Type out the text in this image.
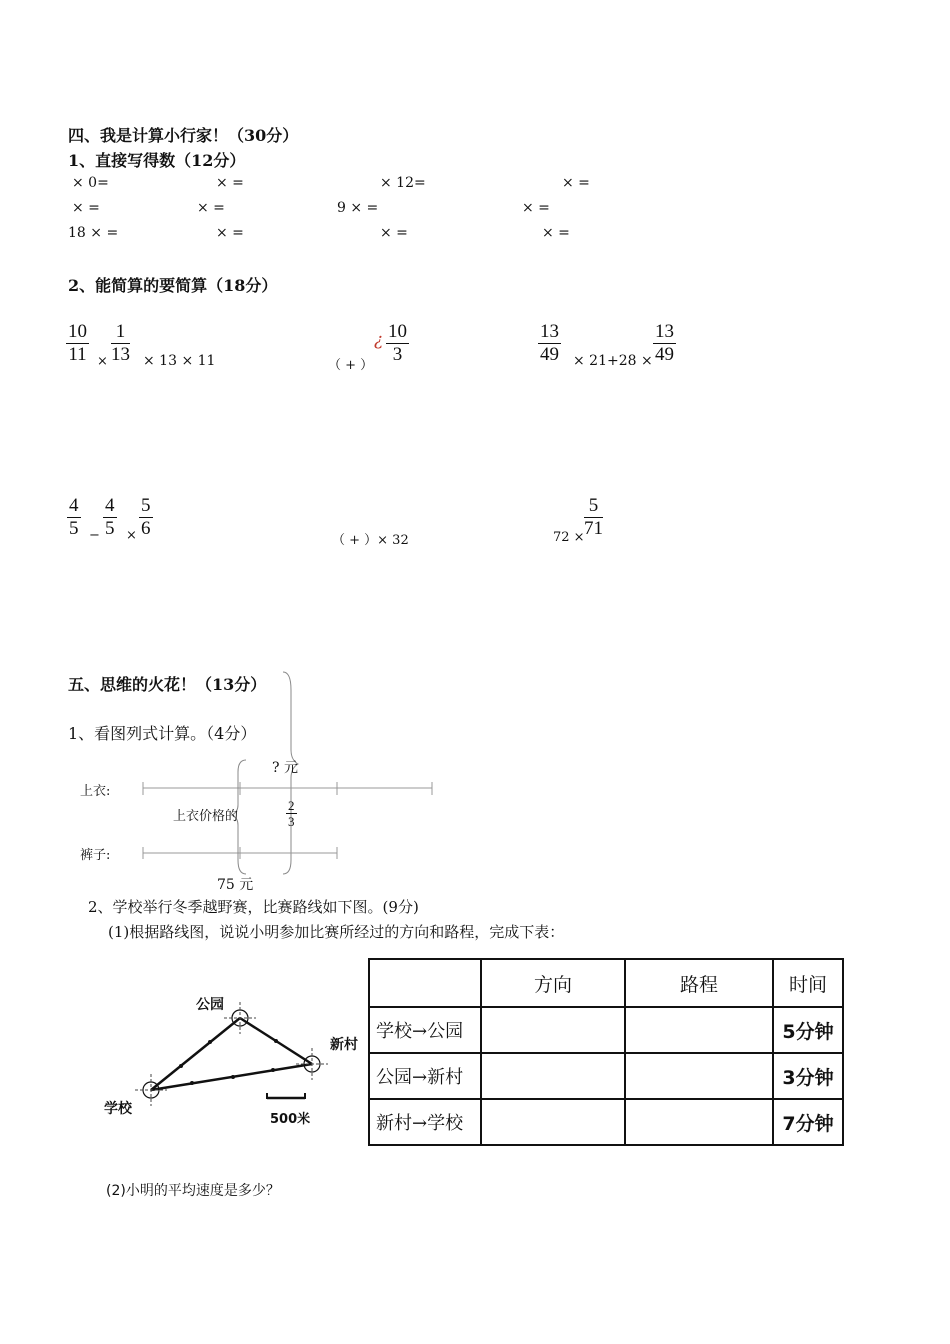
四、我是计算小行家！（30分）
1、直接写得数（12分）
× 0=	× =	× 12=	× =
× =	× =	9 × =	× =
18 × =	× =	× =	× =
2、能简算的要简算（18分）
$\frac{10}{11} \times \frac{1}{13} \times 13 \times 11$	（ + ）
¿ $\frac{10}{3}$	$\frac{13}{49} \times 21+28 \times \frac{13}{49}$
$\frac{4}{5} - \frac{4}{5} \times \frac{5}{6}$
（ + ）× 32	$72 \times \frac{5}{71}$
五、思维的火花！（13分）
1、看图列式计算。（4分）
上衣:
裤子:
? 元
上衣价格的	$\frac{2}{3}$
75 元
2、学校举行冬季越野赛，比赛路线如下图。(9分)
(1)根据路线图，说说小明参加比赛所经过的方向和路程，完成下表：
公园
新村
学校
500米
	方向	路程	时间
学校→公园			5分钟
公园→新村			3分钟
新村→学校			7分钟
(2)小明的平均速度是多少？
